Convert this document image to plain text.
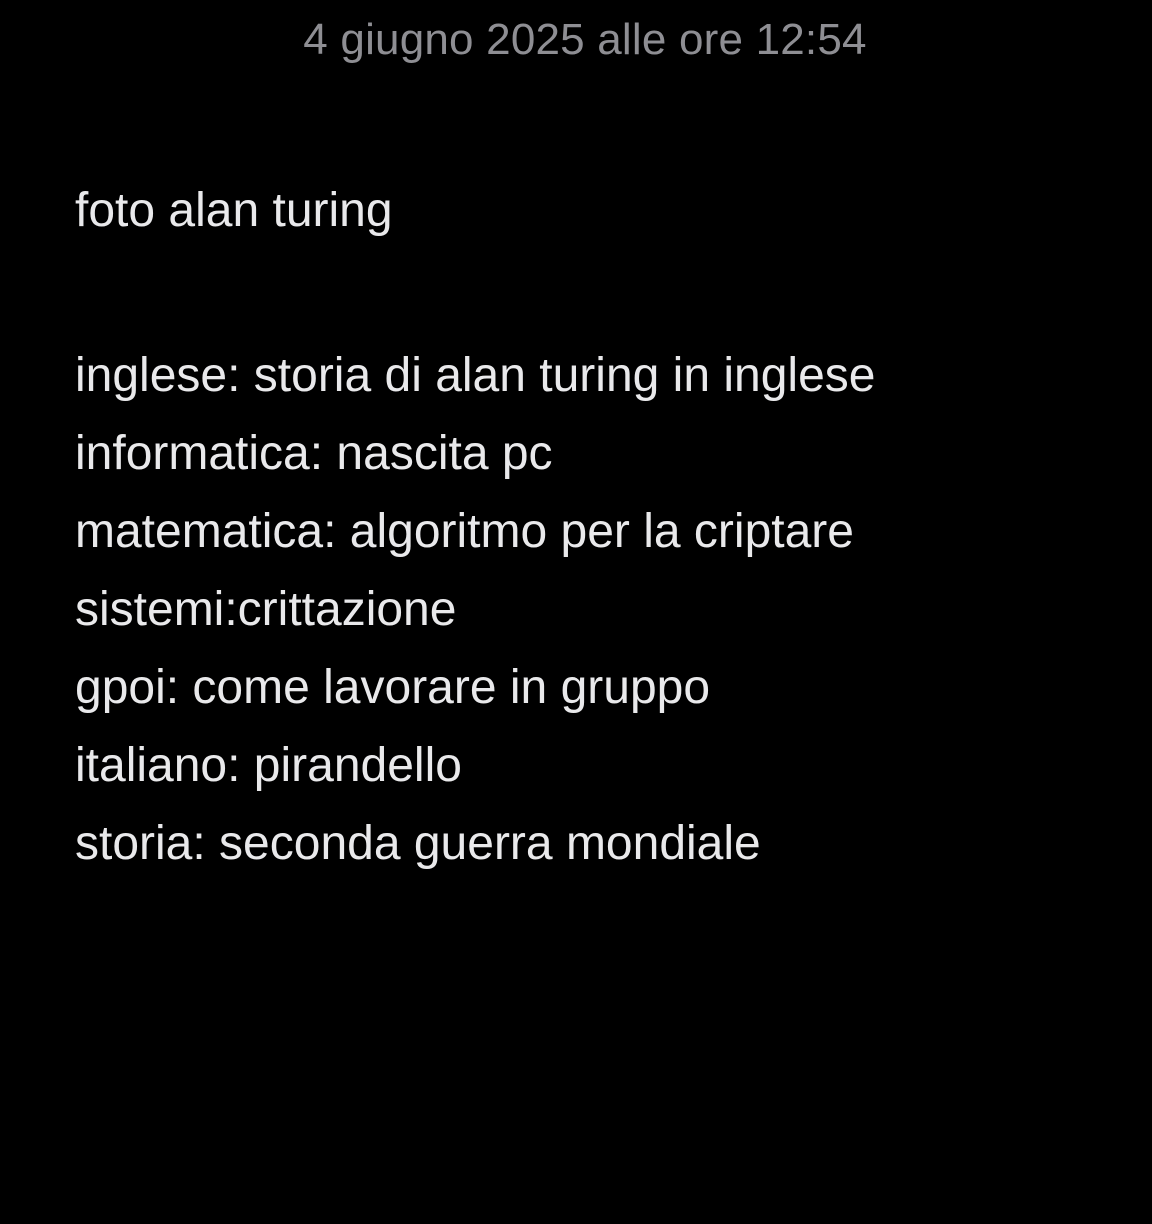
4 giugno 2025 alle ore 12:54
foto alan turing
inglese: storia di alan turing in inglese
informatica: nascita pc
matematica: algoritmo per la criptare
sistemi:crittazione
gpoi: come lavorare in gruppo
italiano: pirandello
storia: seconda guerra mondiale
